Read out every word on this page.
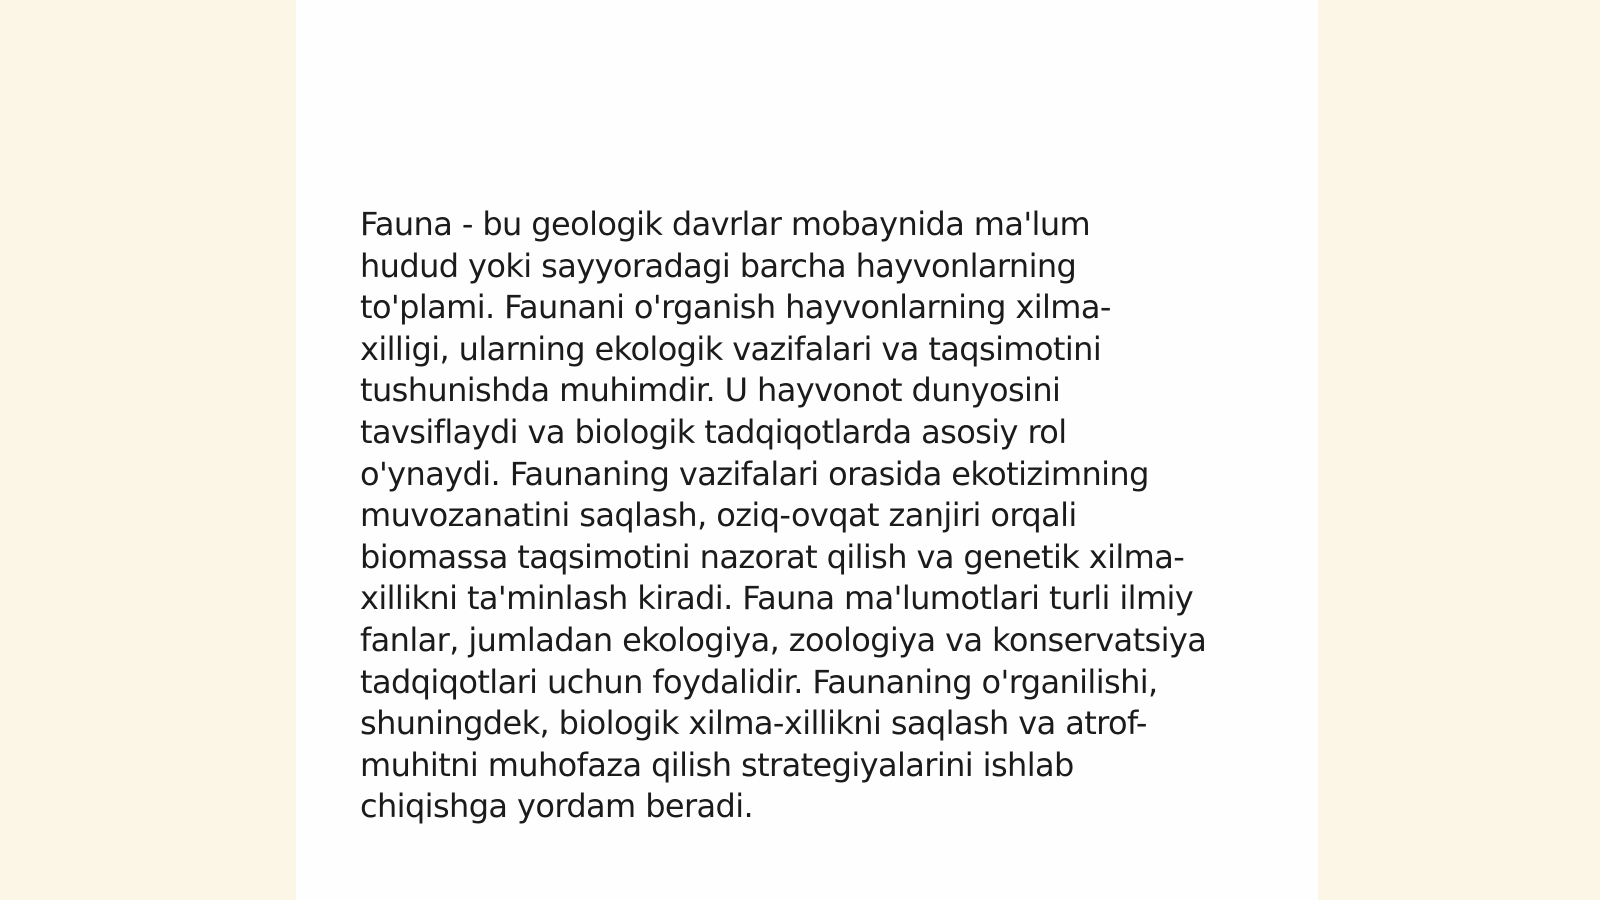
Fauna - bu geologik davrlar mobaynida ma'lum
hudud yoki sayyoradagi barcha hayvonlarning
to'plami. Faunani o'rganish hayvonlarning xilma-
xilligi, ularning ekologik vazifalari va taqsimotini
tushunishda muhimdir. U hayvonot dunyosini
tavsiflaydi va biologik tadqiqotlarda asosiy rol
o'ynaydi. Faunaning vazifalari orasida ekotizimning
muvozanatini saqlash, oziq-ovqat zanjiri orqali
biomassa taqsimotini nazorat qilish va genetik xilma-
xillikni ta'minlash kiradi. Fauna ma'lumotlari turli ilmiy
fanlar, jumladan ekologiya, zoologiya va konservatsiya
tadqiqotlari uchun foydalidir. Faunaning o'rganilishi,
shuningdek, biologik xilma-xillikni saqlash va atrof-
muhitni muhofaza qilish strategiyalarini ishlab
chiqishga yordam beradi.
